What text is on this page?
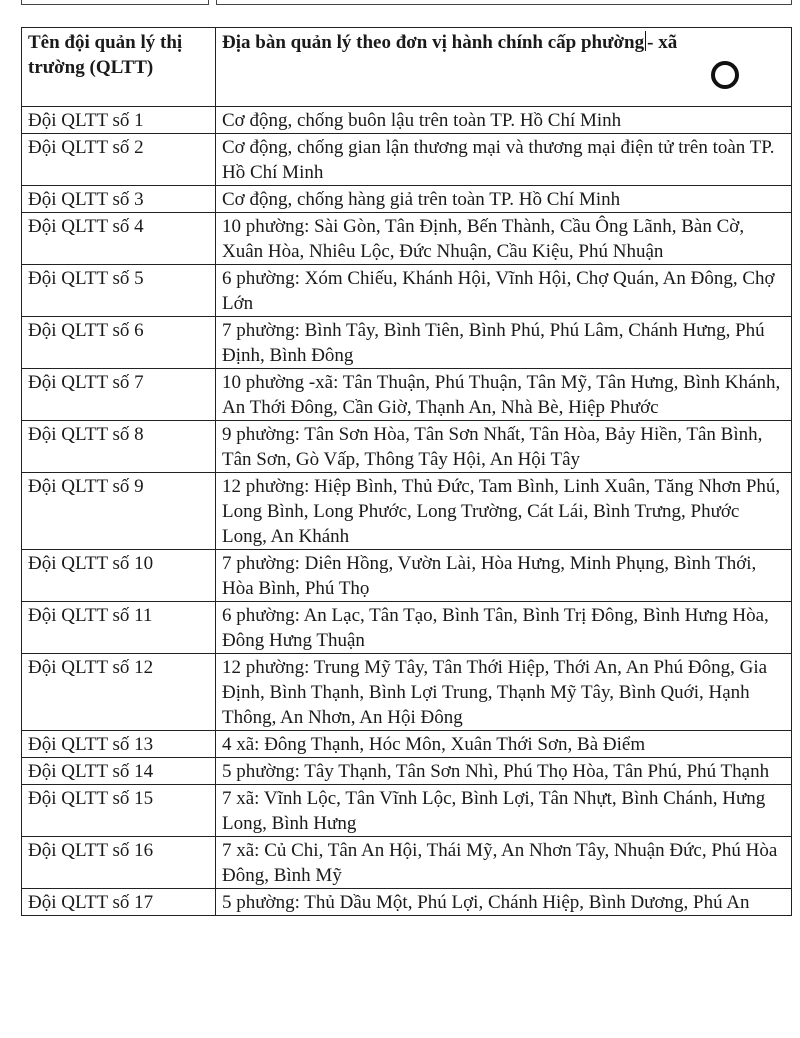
Tên đội quản lý thị trường (QLTT)	Địa bàn quản lý theo đơn vị hành chính cấp phường - xã

Đội QLTT số 1	Cơ động, chống buôn lậu trên toàn TP. Hồ Chí Minh
Đội QLTT số 2	Cơ động, chống gian lận thương mại và thương mại điện tử trên toàn TP. Hồ Chí Minh
Đội QLTT số 3	Cơ động, chống hàng giả trên toàn TP. Hồ Chí Minh
Đội QLTT số 4	10 phường: Sài Gòn, Tân Định, Bến Thành, Cầu Ông Lãnh, Bàn Cờ, Xuân Hòa, Nhiêu Lộc, Đức Nhuận, Cầu Kiệu, Phú Nhuận
Đội QLTT số 5	6 phường: Xóm Chiếu, Khánh Hội, Vĩnh Hội, Chợ Quán, An Đông, Chợ Lớn
Đội QLTT số 6	7 phường: Bình Tây, Bình Tiên, Bình Phú, Phú Lâm, Chánh Hưng, Phú Định, Bình Đông
Đội QLTT số 7	10 phường -xã: Tân Thuận, Phú Thuận, Tân Mỹ, Tân Hưng, Bình Khánh, An Thới Đông, Cần Giờ, Thạnh An, Nhà Bè, Hiệp Phước
Đội QLTT số 8	9 phường: Tân Sơn Hòa, Tân Sơn Nhất, Tân Hòa, Bảy Hiền, Tân Bình, Tân Sơn, Gò Vấp, Thông Tây Hội, An Hội Tây
Đội QLTT số 9	12 phường: Hiệp Bình, Thủ Đức, Tam Bình, Linh Xuân, Tăng Nhơn Phú, Long Bình, Long Phước, Long Trường, Cát Lái, Bình Trưng, Phước Long, An Khánh
Đội QLTT số 10	7 phường: Diên Hồng, Vườn Lài, Hòa Hưng, Minh Phụng, Bình Thới, Hòa Bình, Phú Thọ
Đội QLTT số 11	6 phường: An Lạc, Tân Tạo, Bình Tân, Bình Trị Đông, Bình Hưng Hòa, Đông Hưng Thuận
Đội QLTT số 12	12 phường: Trung Mỹ Tây, Tân Thới Hiệp, Thới An, An Phú Đông, Gia Định, Bình Thạnh, Bình Lợi Trung, Thạnh Mỹ Tây, Bình Quới, Hạnh Thông, An Nhơn, An Hội Đông
Đội QLTT số 13	4 xã: Đông Thạnh, Hóc Môn, Xuân Thới Sơn, Bà Điểm
Đội QLTT số 14	5 phường: Tây Thạnh, Tân Sơn Nhì, Phú Thọ Hòa, Tân Phú, Phú Thạnh
Đội QLTT số 15	7 xã: Vĩnh Lộc, Tân Vĩnh Lộc, Bình Lợi, Tân Nhựt, Bình Chánh, Hưng Long, Bình Hưng
Đội QLTT số 16	7 xã: Củ Chi, Tân An Hội, Thái Mỹ, An Nhơn Tây, Nhuận Đức, Phú Hòa Đông, Bình Mỹ
Đội QLTT số 17	5 phường: Thủ Dầu Một, Phú Lợi, Chánh Hiệp, Bình Dương, Phú An
